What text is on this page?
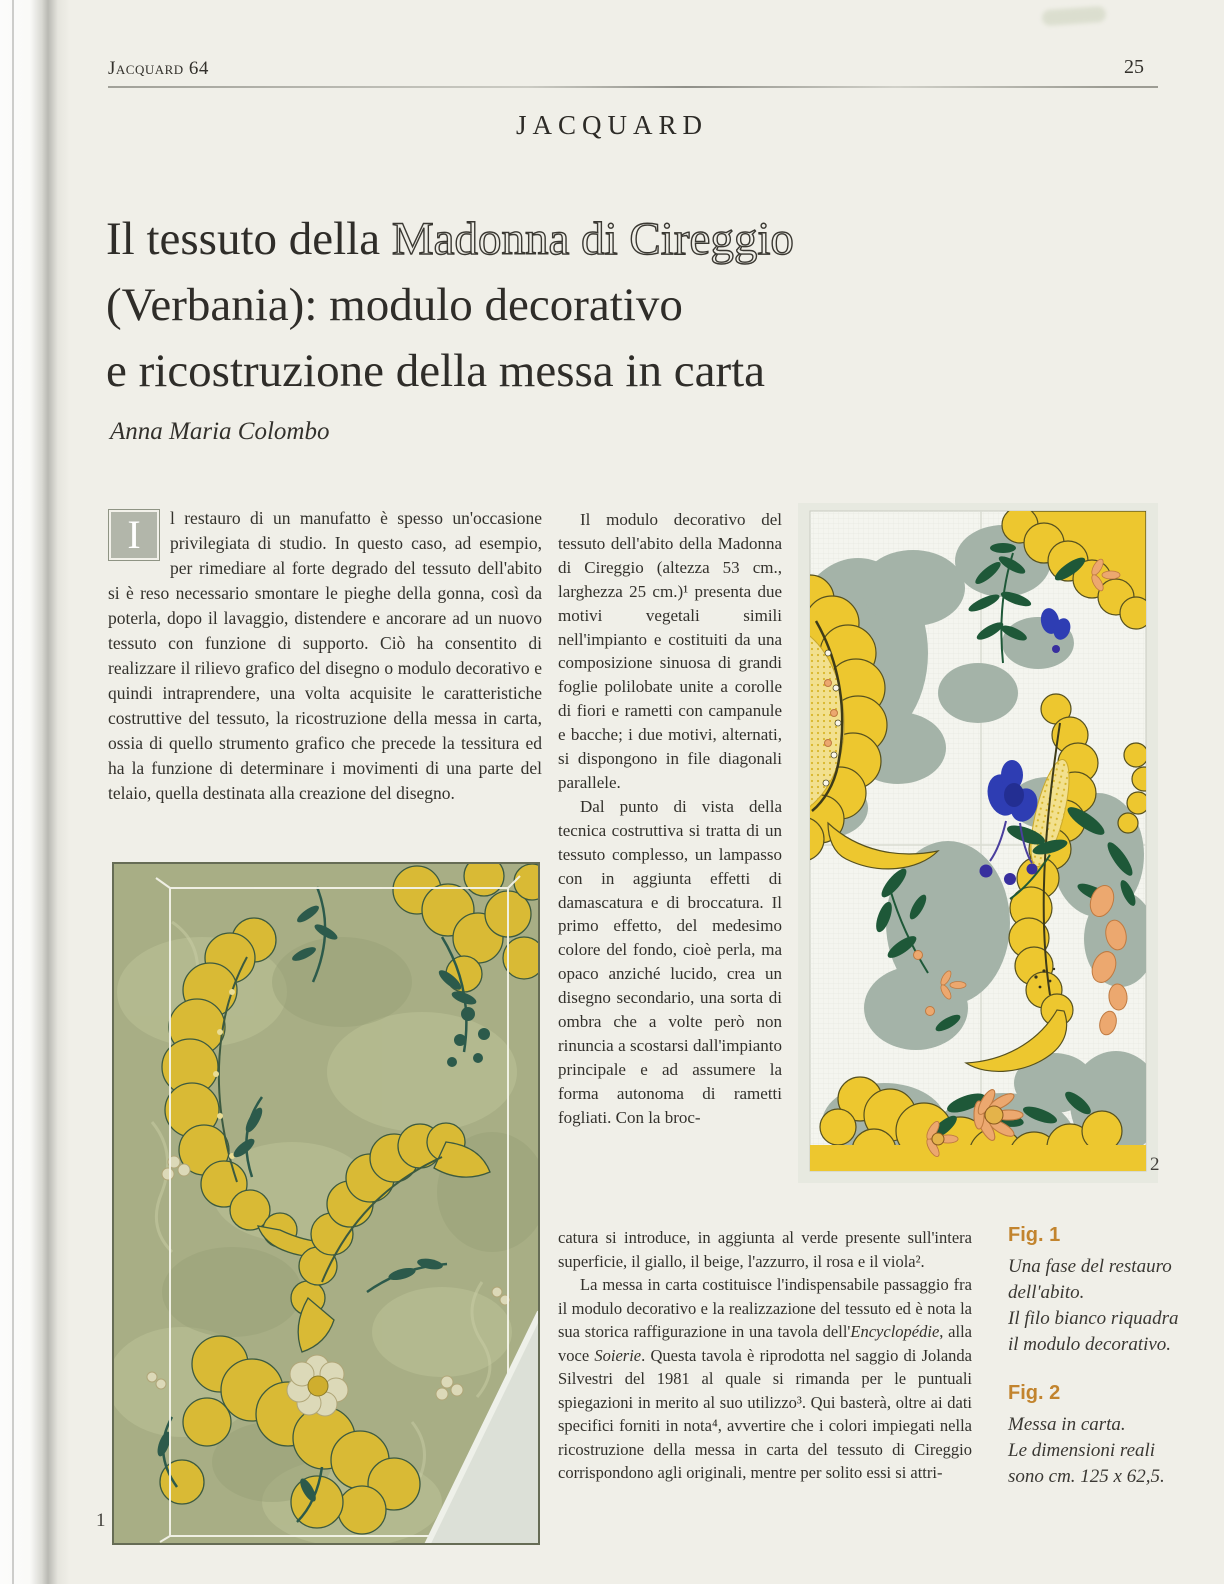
Jacquard 64	25
JACQUARD
Il tessuto della Madonna di Cireggio
(Verbania): modulo decorativo
e ricostruzione della messa in carta
Anna Maria Colombo
I	l restauro di un manufatto è spesso un'occasione privilegiata di studio. In questo caso, ad esempio, per rimediare al forte degrado del tessuto dell'abito si è reso necessario smontare le pieghe della gonna, così da poterla, dopo il lavaggio, distendere e ancorare ad un nuovo tessuto con funzione di supporto. Ciò ha consentito di realizzare il rilievo grafico del disegno o modulo decorativo e quindi intraprendere, una volta acquisite le caratteristiche costruttive del tessuto, la ricostruzione della messa in carta, ossia di quello strumento grafico che precede la tessitura ed ha la funzione di determinare i movimenti di una parte del telaio, quella destinata alla creazione del disegno.

Il modulo decorativo del tessuto dell'abito della Madonna di Cireggio (altezza 53 cm., larghezza 25 cm.)¹ presenta due motivi vegetali simili nell'impianto e costituiti da una composizione sinuosa di grandi foglie polilobate unite a corolle di fiori e rametti con campanule e bacche; i due motivi, alternati, si dispongono in file diagonali parallele.

Dal punto di vista della tecnica costruttiva si tratta di un tessuto complesso, un lampasso con in aggiunta effetti di damascatura e di broccatura. Il primo effetto, del medesimo colore del fondo, cioè perla, ma opaco anziché lucido, crea un disegno secondario, una sorta di ombra che a volte però non rinuncia a scostarsi dall'impianto principale e ad assumere la forma autonoma di rametti fogliati. Con la broc-

catura si introduce, in aggiunta al verde presente sull'intera superficie, il giallo, il beige, l'azzurro, il rosa e il viola².

La messa in carta costituisce l'indispensabile passaggio fra il modulo decorativo e la realizzazione del tessuto ed è nota la sua storica raffigurazione in una tavola dell'Encyclopédie, alla voce Soierie. Questa tavola è riprodotta nel saggio di Jolanda Silvestri del 1981 al quale si rimanda per le puntuali spiegazioni in merito al suo utilizzo³. Qui basterà, oltre ai dati specifici forniti in nota⁴, avvertire che i colori impiegati nella ricostruzione della messa in carta del tessuto di Cireggio corrispondono agli originali, mentre per solito essi si attri-

1
2
Fig. 1
Una fase del restauro
dell'abito.
Il filo bianco riquadra
il modulo decorativo.
Fig. 2
Messa in carta.
Le dimensioni reali
sono cm. 125 x 62,5.
